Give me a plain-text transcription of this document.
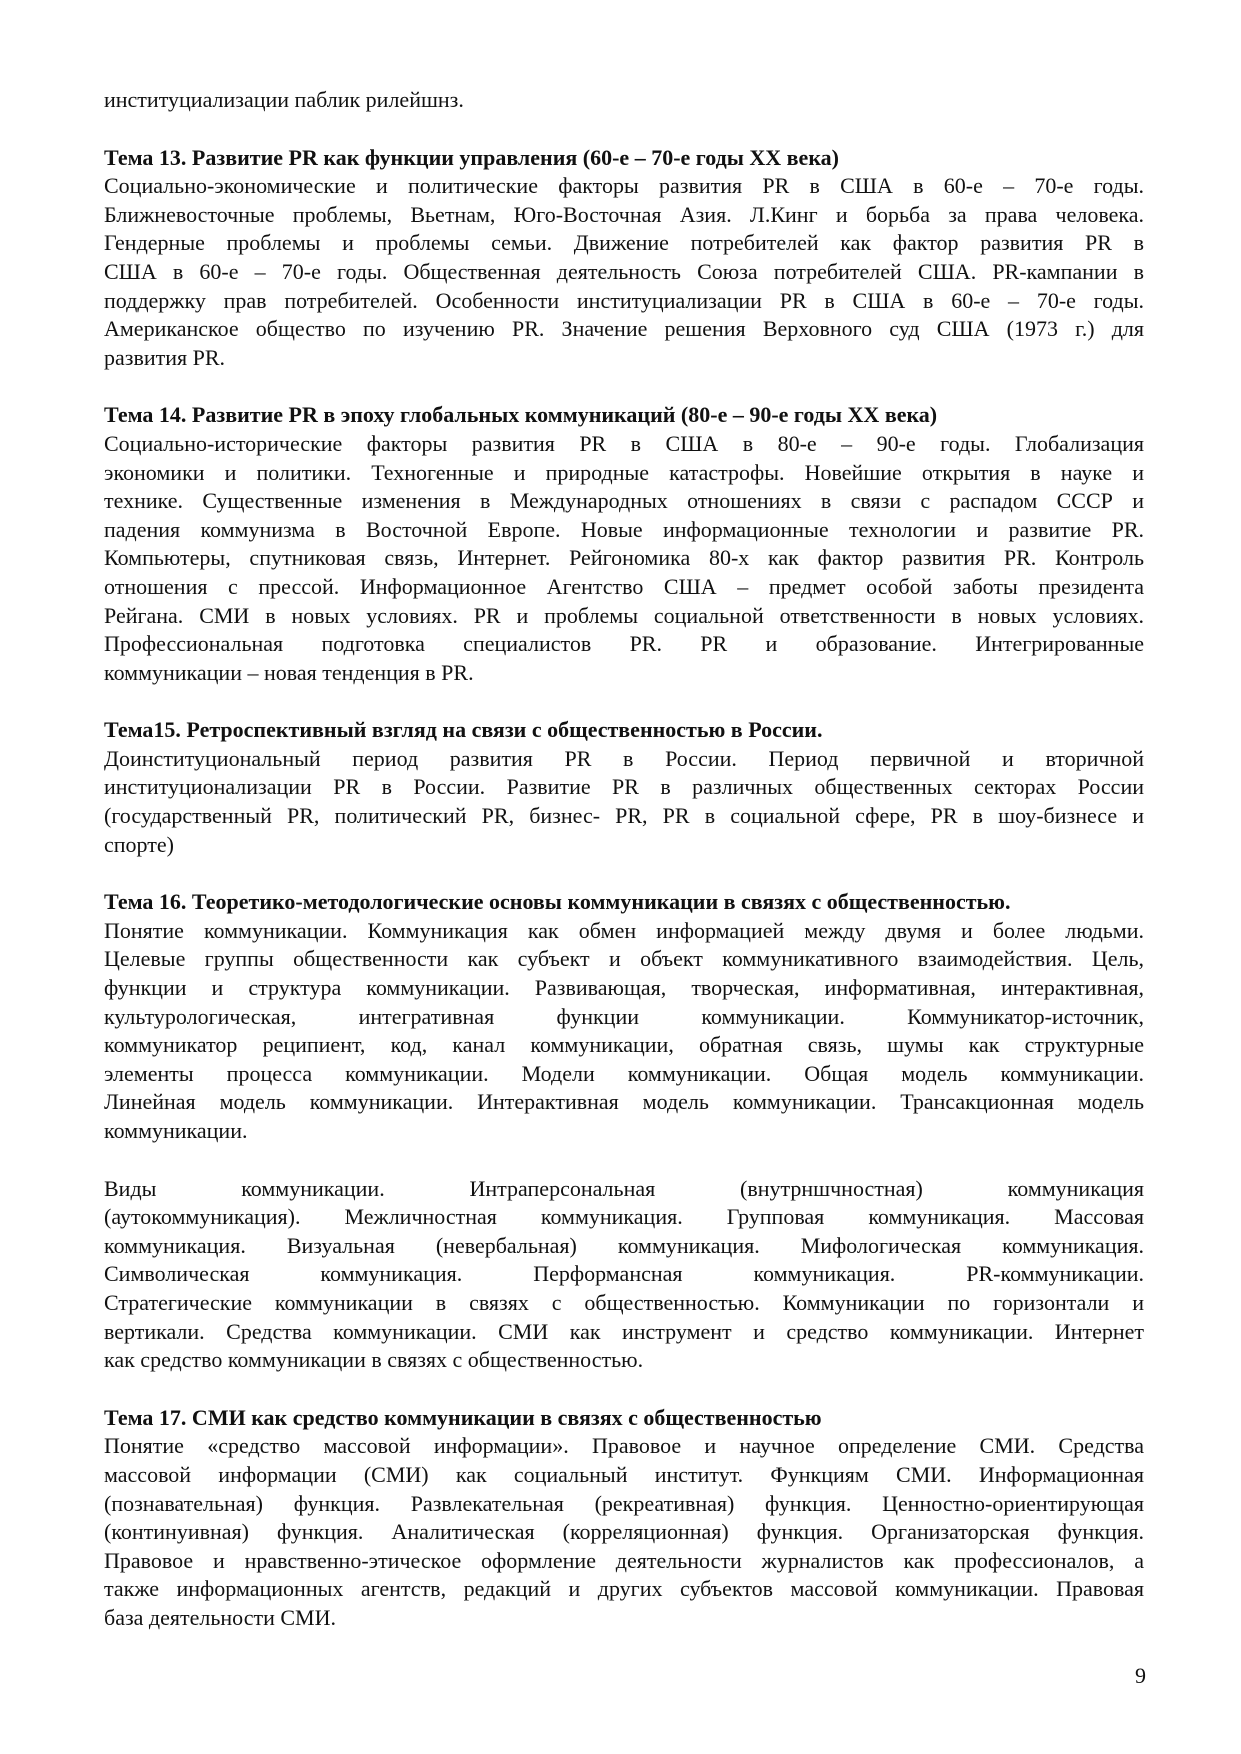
институциализации паблик рилейшнз.
Тема 13. Развитие PR как функции управления (60-е – 70-е годы XX века)
Социально-экономические и политические факторы развития PR в США в 60-е – 70-е годы.
Ближневосточные проблемы, Вьетнам, Юго-Восточная Азия. Л.Кинг и борьба за права человека.
Гендерные проблемы и проблемы семьи. Движение потребителей как фактор развития PR в
США в 60-е – 70-е годы. Общественная деятельность Союза потребителей США. PR-кампании в
поддержку прав потребителей. Особенности институциализации PR в США в 60-е – 70-е годы.
Американское общество по изучению PR. Значение решения Верховного суд США (1973 г.) для
развития PR.
Тема 14. Развитие PR в эпоху глобальных коммуникаций (80-е – 90-е годы XX века)
Социально-исторические факторы развития PR в США в 80-е – 90-е годы. Глобализация
экономики и политики. Техногенные и природные катастрофы. Новейшие открытия в науке и
технике. Существенные изменения в Международных отношениях в связи с распадом СССР и
падения коммунизма в Восточной Европе. Новые информационные технологии и развитие PR.
Компьютеры, спутниковая связь, Интернет. Рейгономика 80-х как фактор развития PR. Контроль
отношения с прессой. Информационное Агентство США – предмет особой заботы президента
Рейгана. СМИ в новых условиях. PR и проблемы социальной ответственности в новых условиях.
Профессиональная подготовка специалистов PR. PR и образование. Интегрированные
коммуникации – новая тенденция в PR.
Тема15. Ретроспективный взгляд на связи с общественностью в России.
Доинституциональный период развития PR в России. Период первичной и вторичной
институционализации PR в России. Развитие PR в различных общественных секторах России
(государственный PR, политический PR, бизнес- PR, PR в социальной сфере, PR в шоу-бизнесе и
спорте)
Тема 16. Теоретико-методологические основы коммуникации в связях с общественностью.
Понятие коммуникации. Коммуникация как обмен информацией между двумя и более людьми.
Целевые группы общественности как субъект и объект коммуникативного взаимодействия. Цель,
функции и структура коммуникации. Развивающая, творческая, информативная, интерактивная,
культурологическая, интегративная функции коммуникации. Коммуникатор-источник,
коммуникатор реципиент, код, канал коммуникации, обратная связь, шумы как структурные
элементы процесса коммуникации. Модели коммуникации. Общая модель коммуникации.
Линейная модель коммуникации. Интерактивная модель коммуникации. Трансакционная модель
коммуникации.
Виды коммуникации. Интраперсональная (внутрншчностная) коммуникация
(аутокоммуникация). Межличностная коммуникация. Групповая коммуникация. Массовая
коммуникация. Визуальная (невербальная) коммуникация. Мифологическая коммуникация.
Символическая коммуникация. Перформансная коммуникация. PR-коммуникации.
Стратегические коммуникации в связях с общественностью. Коммуникации по горизонтали и
вертикали. Средства коммуникации. СМИ как инструмент и средство коммуникации. Интернет
как средство коммуникации в связях с общественностью.
Тема 17. СМИ как средство коммуникации в связях с общественностью
Понятие «средство массовой информации». Правовое и научное определение СМИ. Средства
массовой информации (СМИ) как социальный институт. Функциям СМИ. Информационная
(познавательная) функция. Развлекательная (рекреативная) функция. Ценностно-ориентирующая
(континуивная) функция. Аналитическая (корреляционная) функция. Организаторская функция.
Правовое и нравственно-этическое оформление деятельности журналистов как профессионалов, а
также информационных агентств, редакций и других субъектов массовой коммуникации. Правовая
база деятельности СМИ.
9
